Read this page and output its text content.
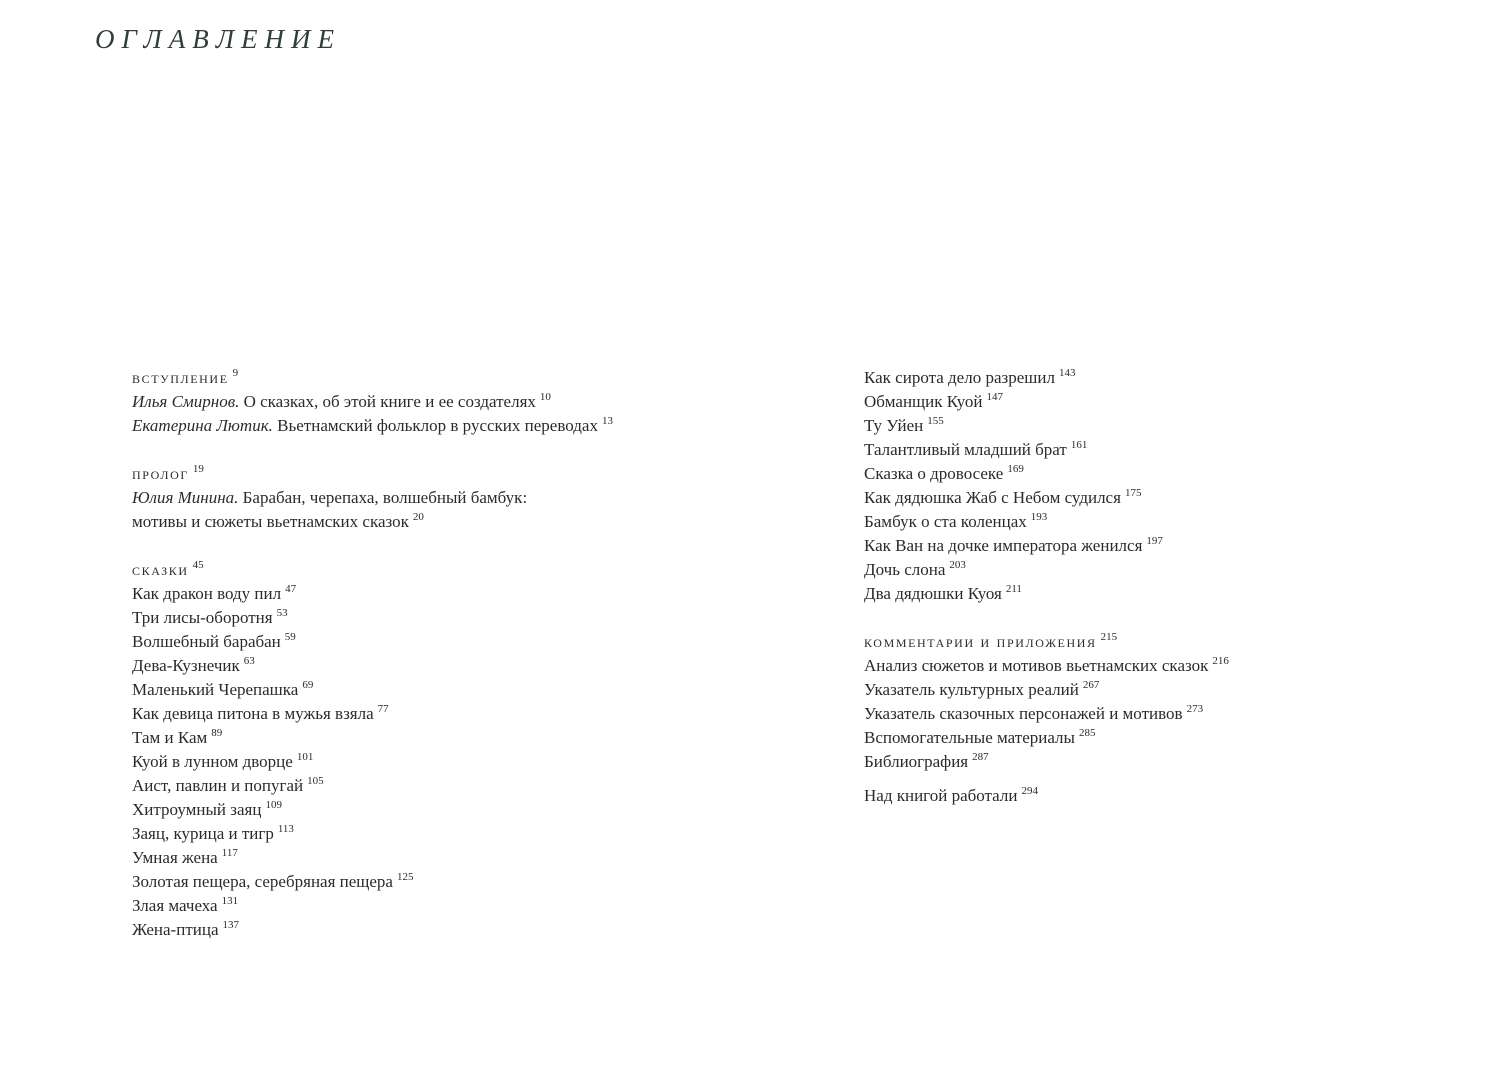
ОГЛАВЛЕНИЕ
вступление $^9$
Илья Смирнов. О сказках, об этой книге и ее создателях $^{10}$
Екатерина Лютик. Вьетнамский фольклор в русских переводах $^{13}$
пролог $^{19}$
Юлия Минина. Барабан, черепаха, волшебный бамбук:
мотивы и сюжеты вьетнамских сказок $^{20}$
сказки $^{45}$
Как дракон воду пил $^{47}$
Три лисы-оборотня $^{53}$
Волшебный барабан $^{59}$
Дева-Кузнечик $^{63}$
Маленький Черепашка $^{69}$
Как девица питона в мужья взяла $^{77}$
Там и Кам $^{89}$
Куой в лунном дворце $^{101}$
Аист, павлин и попугай $^{105}$
Хитроумный заяц $^{109}$
Заяц, курица и тигр $^{113}$
Умная жена $^{117}$
Золотая пещера, серебряная пещера $^{125}$
Злая мачеха $^{131}$
Жена-птица $^{137}$
Как сирота дело разрешил $^{143}$
Обманщик Куой $^{147}$
Ту Уйен $^{155}$
Талантливый младший брат $^{161}$
Сказка о дровосеке $^{169}$
Как дядюшка Жаб с Небом судился $^{175}$
Бамбук о ста коленцах $^{193}$
Как Ван на дочке императора женился $^{197}$
Дочь слона $^{203}$
Два дядюшки Куоя $^{211}$
комментарии и приложения $^{215}$
Анализ сюжетов и мотивов вьетнамских сказок $^{216}$
Указатель культурных реалий $^{267}$
Указатель сказочных персонажей и мотивов $^{273}$
Вспомогательные материалы $^{285}$
Библиография $^{287}$
Над книгой работали $^{294}$
